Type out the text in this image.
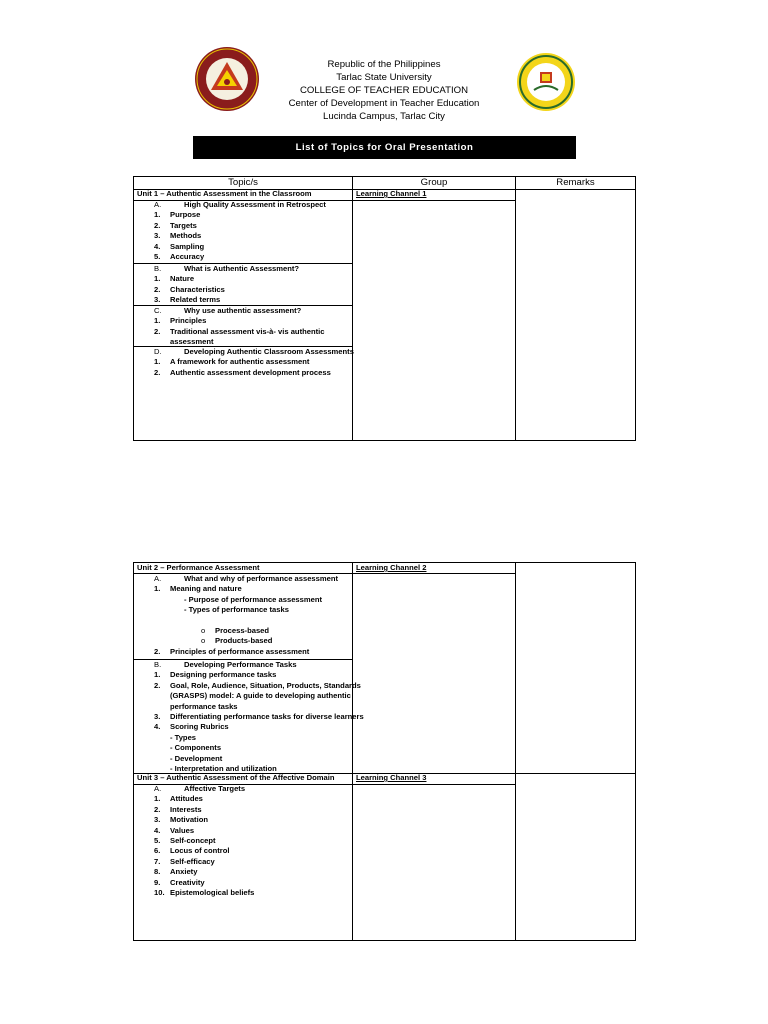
Republic of the Philippines
Tarlac State University
COLLEGE OF TEACHER EDUCATION
Center of Development in Teacher Education
Lucinda Campus, Tarlac City
List of Topics for Oral Presentation
Topic/s	Group	Remarks
Unit 1 – Authentic Assessment in the Classroom	Learning Channel 1
A.	High Quality Assessment in Retrospect
1. Purpose
2. Targets
3. Methods
4. Sampling
5. Accuracy
B.	What is Authentic Assessment?
1. Nature
2. Characteristics
3. Related terms
C.	Why use authentic assessment?
1. Principles
2. Traditional assessment vis-à- vis authentic
assessment
D.	Developing Authentic Classroom Assessments
1. A framework for authentic assessment
2. Authentic assessment development process
Unit 2 – Performance Assessment	Learning Channel 2
A.	What and why of performance assessment
1. Meaning and nature
- Purpose of performance assessment
- Types of performance tasks
o Process-based
o Products-based
2. Principles of performance assessment
B.	Developing Performance Tasks
1. Designing performance tasks
2. Goal, Role, Audience, Situation, Products, Standards
(GRASPS) model: A guide to developing authentic
performance tasks
3. Differentiating performance tasks for diverse learners
4. Scoring Rubrics
- Types
- Components
- Development
- Interpretation and utilization
Unit 3 – Authentic Assessment of the Affective Domain	Learning Channel 3
A.	Affective Targets
1. Attitudes
2. Interests
3. Motivation
4. Values
5. Self-concept
6. Locus of control
7. Self-efficacy
8. Anxiety
9. Creativity
10. Epistemological beliefs
